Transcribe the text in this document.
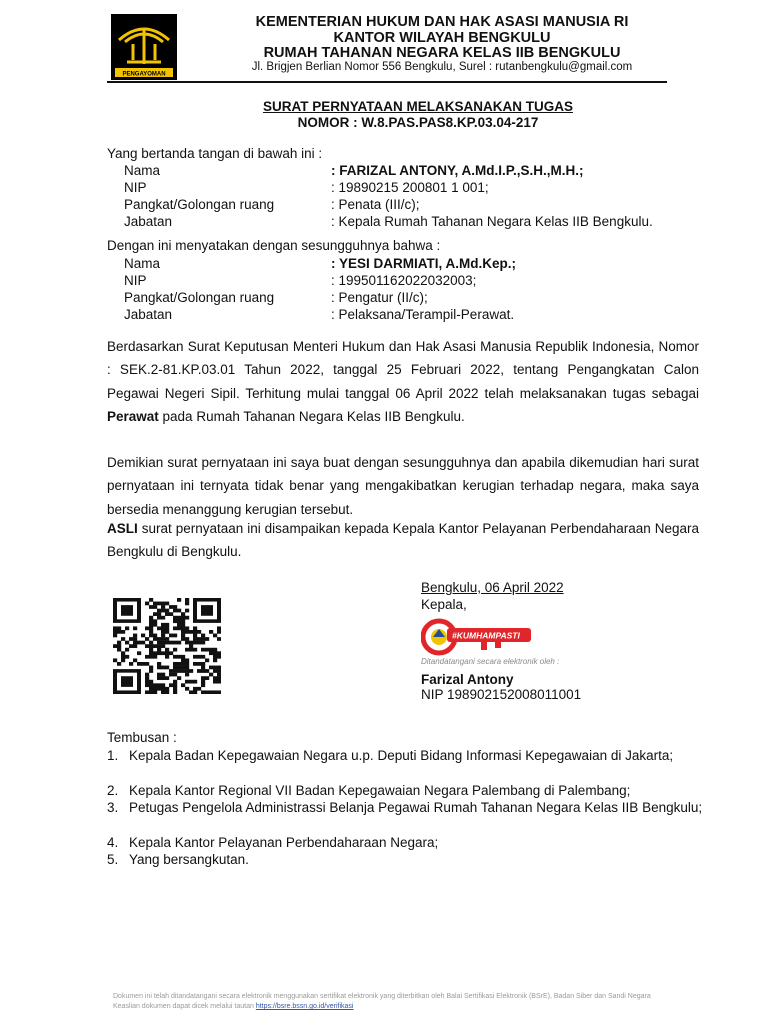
PENGAYOMAN
KEMENTERIAN HUKUM DAN HAK ASASI MANUSIA RI
KANTOR WILAYAH BENGKULU
RUMAH TAHANAN NEGARA KELAS IIB BENGKULU
Jl. Brigjen Berlian Nomor 556 Bengkulu, Surel : rutanbengkulu@gmail.com
SURAT PERNYATAAN MELAKSANAKAN TUGAS
NOMOR : W.8.PAS.PAS8.KP.03.04-217
Yang bertanda tangan di bawah ini :
Nama	: FARIZAL ANTONY, A.Md.I.P.,S.H.,M.H.;
NIP	: 19890215 200801 1 001;
Pangkat/Golongan ruang	: Penata (III/c);
Jabatan	: Kepala Rumah Tahanan Negara Kelas IIB Bengkulu.
Dengan ini menyatakan dengan sesungguhnya bahwa :
Nama	: YESI DARMIATI, A.Md.Kep.;
NIP	: 199501162022032003;
Pangkat/Golongan ruang	: Pengatur (II/c);
Jabatan	: Pelaksana/Terampil-Perawat.
Berdasarkan Surat Keputusan Menteri Hukum dan Hak Asasi Manusia Republik Indonesia, Nomor : SEK.2-81.KP.03.01 Tahun 2022, tanggal 25 Februari 2022, tentang Pengangkatan Calon Pegawai Negeri Sipil. Terhitung mulai tanggal 06 April 2022 telah melaksanakan tugas sebagai Perawat pada Rumah Tahanan Negara Kelas IIB Bengkulu.
Demikian surat pernyataan ini saya buat dengan sesungguhnya dan apabila dikemudian hari surat pernyataan ini ternyata tidak benar yang mengakibatkan kerugian terhadap negara, maka saya bersedia menanggung kerugian tersebut.
ASLI surat pernyataan ini disampaikan kepada Kepala Kantor Pelayanan Perbendaharaan Negara Bengkulu di Bengkulu.
Bengkulu, 06 April 2022
Kepala,
#KUMHAMPASTI
Ditandatangani secara elektronik oleh :
Farizal Antony
NIP 198902152008011001
Tembusan :
1. Kepala Badan Kepegawaian Negara u.p. Deputi Bidang Informasi Kepegawaian di Jakarta;
2. Kepala Kantor Regional VII Badan Kepegawaian Negara Palembang di Palembang;
3. Petugas Pengelola Administrassi Belanja Pegawai Rumah Tahanan Negara Kelas IIB Bengkulu;
4. Kepala Kantor Pelayanan Perbendaharaan Negara;
5. Yang bersangkutan.
Dokumen ini telah ditandatangani secara elektronik menggunakan sertifikat elektronik yang diterbitkan oleh Balai Sertifikasi Elektronik (BSrE), Badan Siber dan Sandi Negara
Keaslian dokumen dapat dicek melalui tautan https://bsre.bssn.go.id/verifikasi
